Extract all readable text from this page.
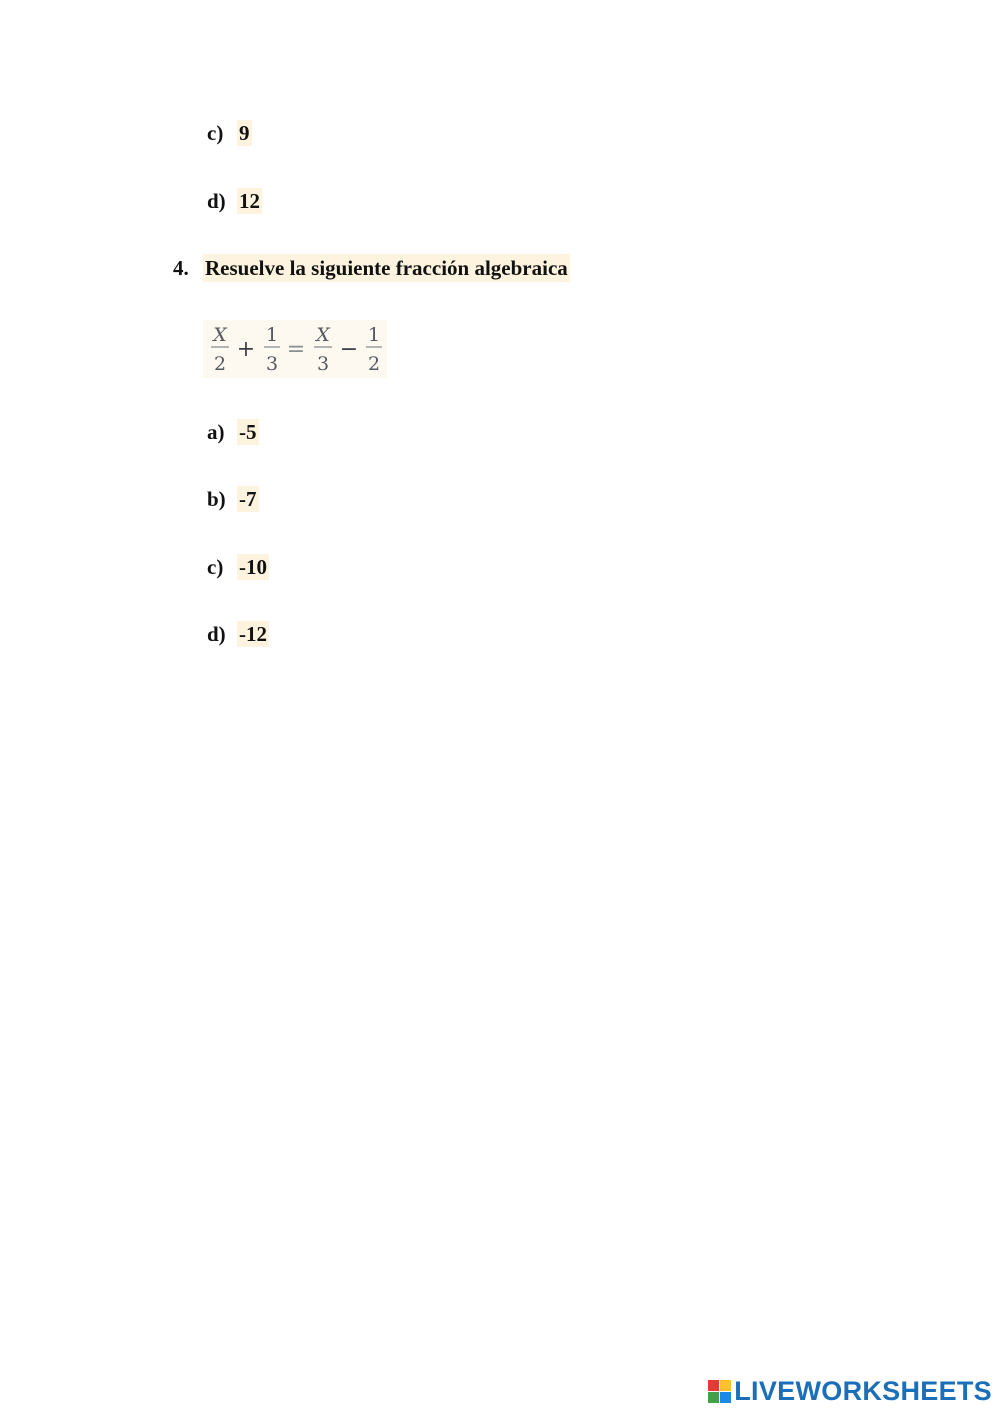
c) 9
d) 12
4. Resuelve la siguiente fracción algebraica
X
2
+
1
3
=
X
3
−
1
2
a) -5
b) -7
c) -10
d) -12
LIVEWORKSHEETS
